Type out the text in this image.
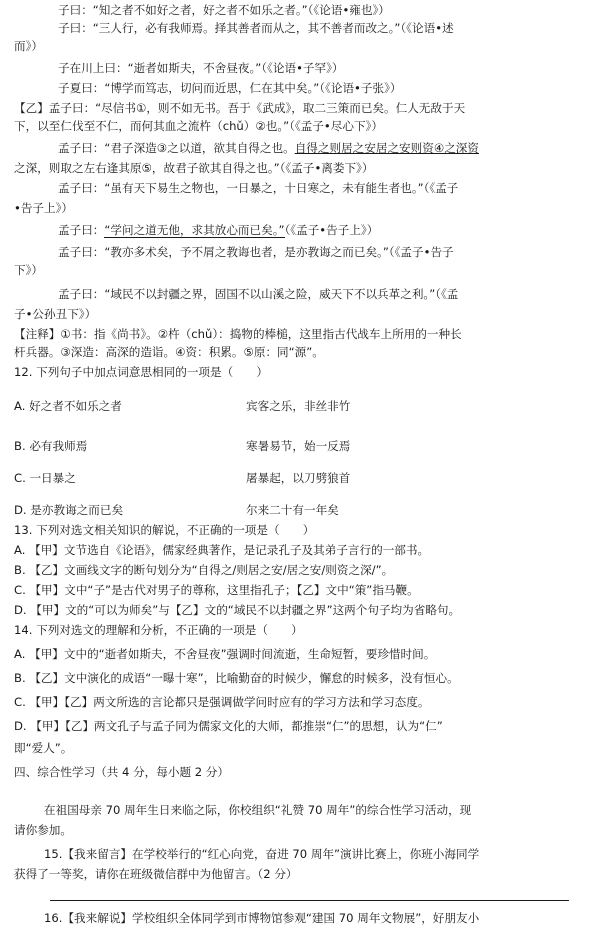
子曰：“知之者不如好之者，好之者不如乐之者。”（《论语•雍也》）
子曰：“三人行，必有我师焉。择其善者而从之，其不善者而改之。”（《论语•述
而》）
子在川上曰：“逝者如斯夫，不舍昼夜。”（《论语•子罕》）
子夏曰：“博学而笃志，切问而近思，仁在其中矣。”（《论语•子张》）
【乙】孟子曰：“尽信书①，则不如无书。吾于《武成》，取二三策而已矣。仁人无敌于天
下，以至仁伐至不仁，而何其血之流杵（chǔ）②也。”（《孟子•尽心下》）
孟子曰：“君子深造③之以道，欲其自得之也。自得之则居之安居之安则资④之深资
之深，则取之左右逢其原⑤，故君子欲其自得之也。”（《孟子•离娄下》）
孟子曰：“虽有天下易生之物也，一日暴之，十日寒之，未有能生者也。”（《孟子
•告子上》）
孟子曰：“学问之道无他，求其放心而已矣。”（《孟子•告子上》）
孟子曰：“教亦多术矣，予不屑之教诲也者，是亦教诲之而已矣。”（《孟子•告子
下》）
孟子曰：“域民不以封疆之界，固国不以山溪之险，威天下不以兵革之利。”（《孟
子•公孙丑下》）
【注释】①书：指《尚书》。②杵（chǔ）：捣物的棒槌，这里指古代战车上所用的一种长
杆兵器。③深造：高深的造诣。④资：积累。⑤原：同“源”。
12. 下列句子中加点词意思相同的一项是（　　）
A. 好之者不如乐之者	宾客之乐，非丝非竹
B. 必有我师焉	寒暑易节，始一反焉
C. 一日暴之	屠暴起，以刀劈狼首
D. 是亦教诲之而已矣	尔来二十有一年矣
13. 下列对选文相关知识的解说，不正确的一项是（　　）
A. 【甲】文节选自《论语》，儒家经典著作，是记录孔子及其弟子言行的一部书。
B. 【乙】文画线文字的断句划分为“自得之/则居之安/居之安/则资之深/”。
C. 【甲】文中“子”是古代对男子的尊称，这里指孔子；【乙】文中“策”指马鞭。
D. 【甲】文的“可以为师矣”与【乙】文的“域民不以封疆之界”这两个句子均为省略句。
14. 下列对选文的理解和分析，不正确的一项是（　　）
A. 【甲】文中的“逝者如斯夫，不舍昼夜”强调时间流逝，生命短暂，要珍惜时间。
B. 【乙】文中演化的成语“一曝十寒”，比喻勤奋的时候少，懈怠的时候多，没有恒心。
C. 【甲】【乙】两文所选的言论都只是强调做学问时应有的学习方法和学习态度。
D. 【甲】【乙】两文孔子与孟子同为儒家文化的大师，都推崇“仁”的思想，认为“仁”
即“爱人”。
四、综合性学习（共 4 分，每小题 2 分）
在祖国母亲 70 周年生日来临之际，你校组织“礼赞 70 周年”的综合性学习活动，现
请你参加。
15.【我来留言】在学校举行的“红心向党，奋进 70 周年”演讲比赛上，你班小海同学
获得了一等奖，请你在班级微信群中为他留言。（2 分）
16.【我来解说】学校组织全体同学到市博物馆参观“建国 70 周年文物展”，好朋友小
